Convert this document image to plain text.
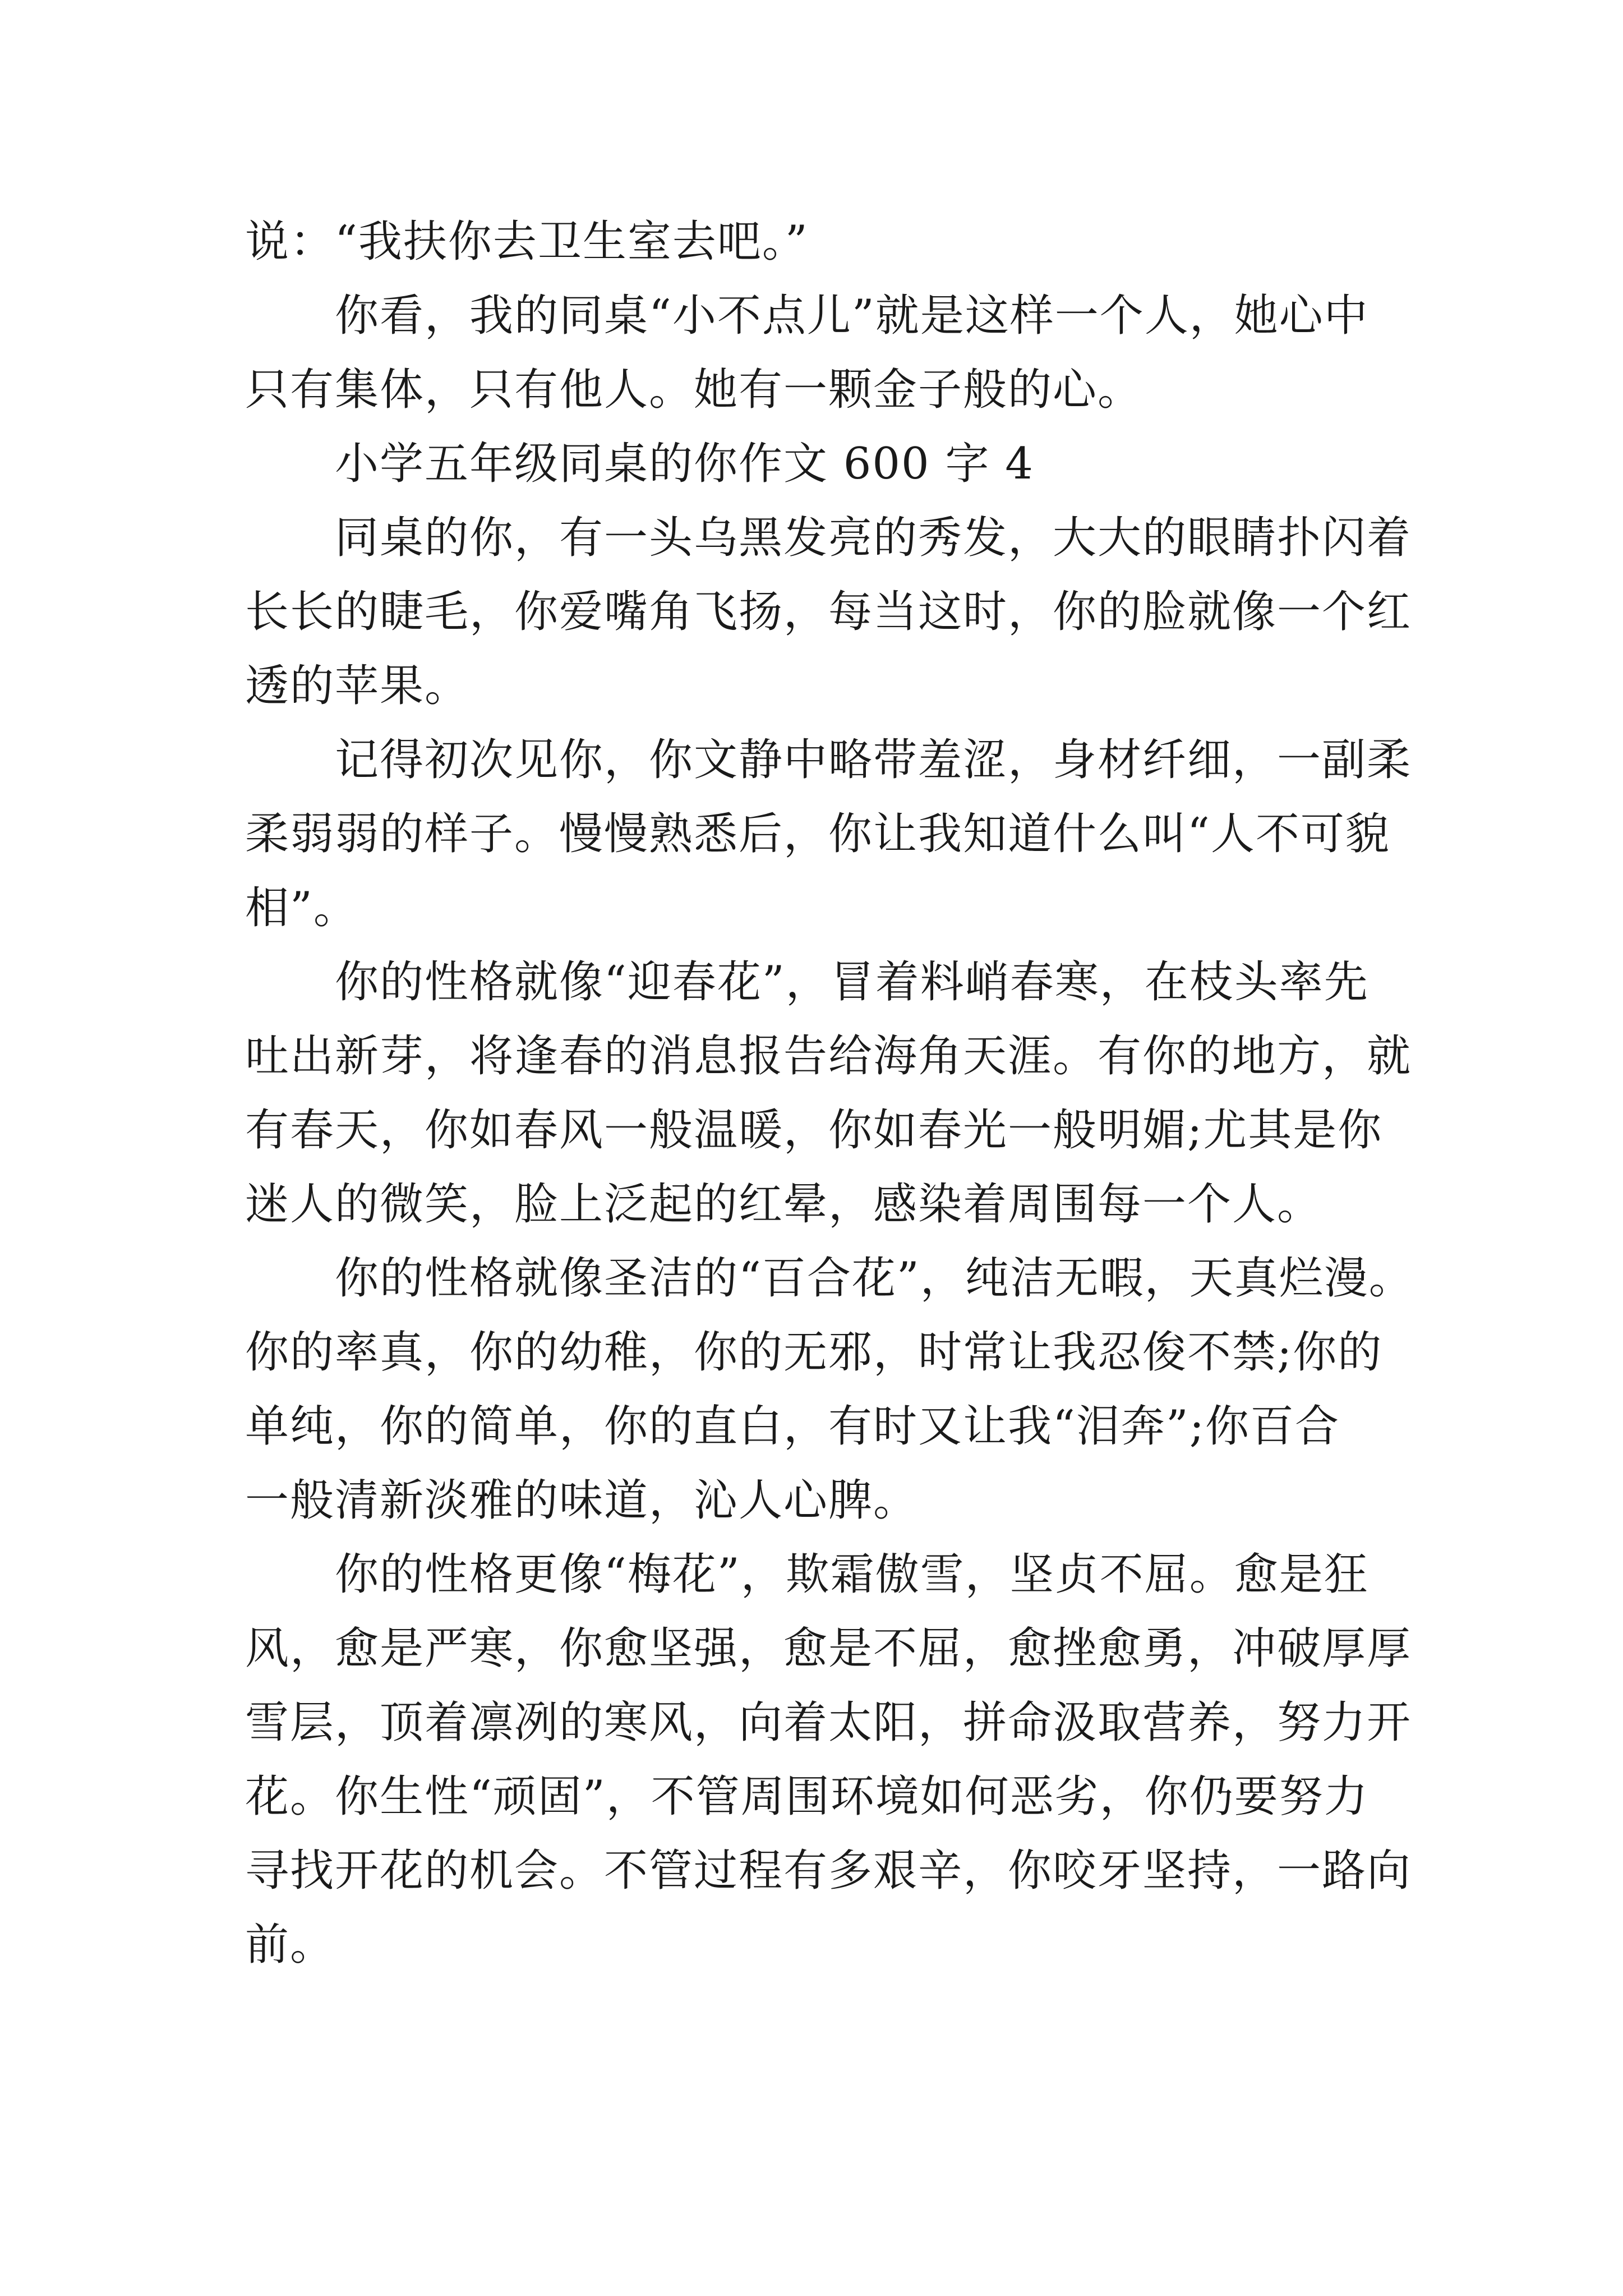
说：“我扶你去卫生室去吧。”
你看，我的同桌“小不点儿”就是这样一个人，她心中
只有集体，只有他人。她有一颗金子般的心。
小学五年级同桌的你作文 600 字 4
同桌的你，有一头乌黑发亮的秀发，大大的眼睛扑闪着
长长的睫毛，你爱嘴角飞扬，每当这时，你的脸就像一个红
透的苹果。
记得初次见你，你文静中略带羞涩，身材纤细，一副柔
柔弱弱的样子。慢慢熟悉后，你让我知道什么叫“人不可貌
相”。
你的性格就像“迎春花”，冒着料峭春寒，在枝头率先
吐出新芽，将逢春的消息报告给海角天涯。有你的地方，就
有春天，你如春风一般温暖，你如春光一般明媚;尤其是你
迷人的微笑，脸上泛起的红晕，感染着周围每一个人。
你的性格就像圣洁的“百合花”，纯洁无暇，天真烂漫。
你的率真，你的幼稚，你的无邪，时常让我忍俊不禁;你的
单纯，你的简单，你的直白，有时又让我“泪奔”;你百合
一般清新淡雅的味道，沁人心脾。
你的性格更像“梅花”，欺霜傲雪，坚贞不屈。愈是狂
风，愈是严寒，你愈坚强，愈是不屈，愈挫愈勇，冲破厚厚
雪层，顶着凛冽的寒风，向着太阳，拼命汲取营养，努力开
花。你生性“顽固”，不管周围环境如何恶劣，你仍要努力
寻找开花的机会。不管过程有多艰辛，你咬牙坚持，一路向
前。
